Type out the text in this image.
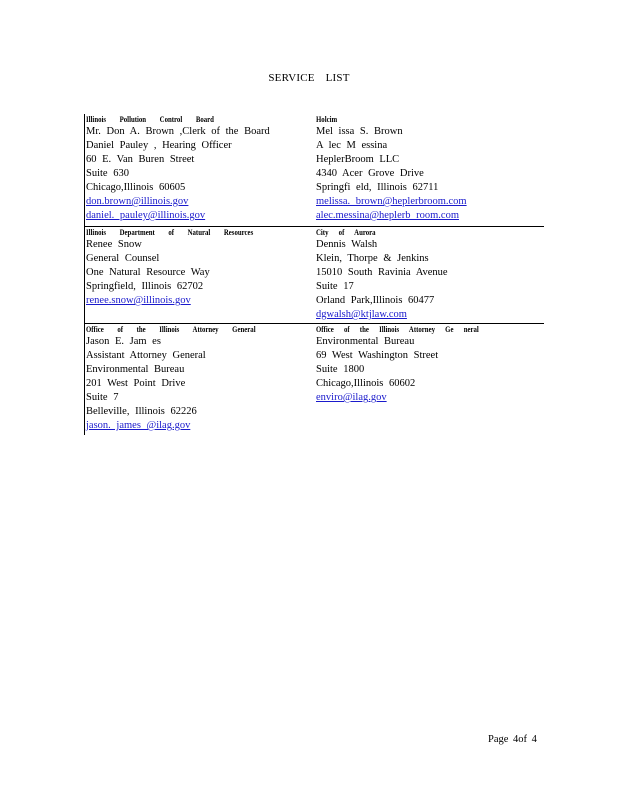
SERVICE LIST
Illinois Pollution Control Board
Mr. Don A. Brown ,Clerk of the Board
Daniel Pauley , Hearing Officer
60 E. Van Buren Street
Suite 630
Chicago,Illinois 60605
don.brown@illinois.gov
daniel. pauley@illinois.gov
Holcim
Mel issa S. Brown
A lec M essina
HeplerBroom LLC
4340 Acer Grove Drive
Springfi eld, Illinois 62711
melissa. brown@heplerbroom.com
alec.messina@heplerb room.com
Illinois Department of Natural Resources
Renee Snow
General Counsel
One Natural Resource Way
Springfield, Illinois 62702
renee.snow@illinois.gov
City of Aurora
Dennis Walsh
Klein, Thorpe & Jenkins
15010 South Ravinia Avenue
Suite 17
Orland Park,Illinois 60477
dgwalsh@ktjlaw.com
Office of the Illinois Attorney General
Jason E. Jam es
Assistant Attorney General
Environmental Bureau
201 West Point Drive
Suite 7
Belleville, Illinois 62226
jason. james @ilag.gov
Office of the Illinois Attorney Ge neral
Environmental Bureau
69 West Washington Street
Suite 1800
Chicago,Illinois 60602
enviro@ilag.gov
Page 4of 4
